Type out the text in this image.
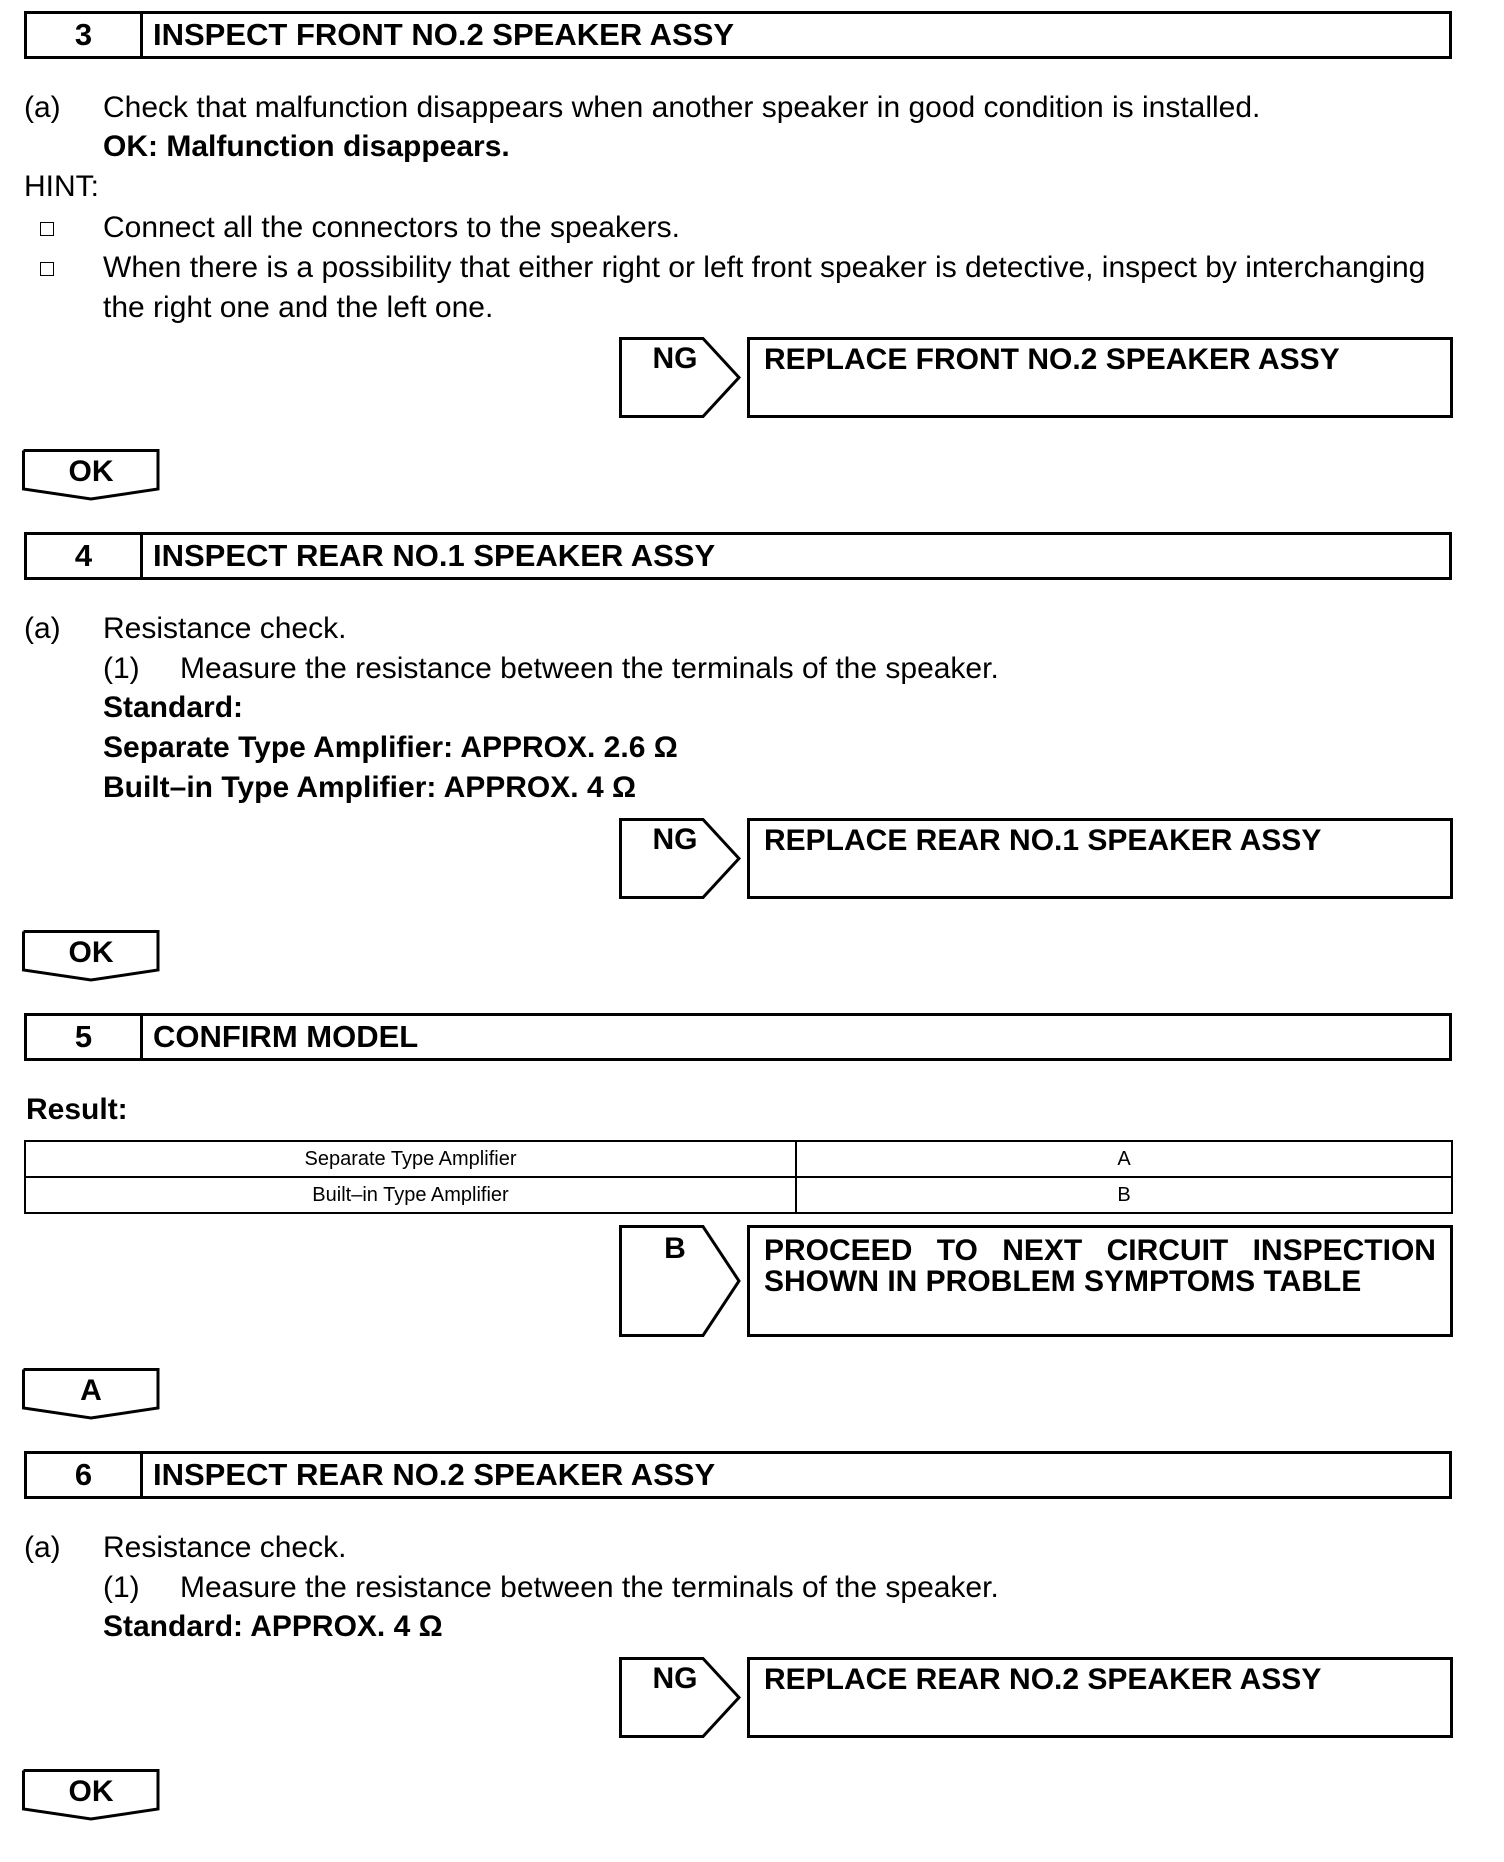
3	INSPECT FRONT NO.2 SPEAKER ASSY
(a) Check that malfunction disappears when another speaker in good condition is installed.
OK: Malfunction disappears.
HINT:
Connect all the connectors to the speakers.
When there is a possibility that either right or left front speaker is detective, inspect by interchanging
the right one and the left one.
NG	REPLACE FRONT NO.2 SPEAKER ASSY
OK
4	INSPECT REAR NO.1 SPEAKER ASSY
(a) Resistance check.
(1) Measure the resistance between the terminals of the speaker.
Standard:
Separate Type Amplifier: APPROX. 2.6 Ω
Built–in Type Amplifier: APPROX. 4 Ω
NG	REPLACE REAR NO.1 SPEAKER ASSY
OK
5	CONFIRM MODEL
Result:
Separate Type Amplifier	A
Built–in Type Amplifier	B
B	PROCEED TO NEXT CIRCUIT INSPECTION
SHOWN IN PROBLEM SYMPTOMS TABLE
A
6	INSPECT REAR NO.2 SPEAKER ASSY
(a) Resistance check.
(1) Measure the resistance between the terminals of the speaker.
Standard: APPROX. 4 Ω
NG	REPLACE REAR NO.2 SPEAKER ASSY
OK
